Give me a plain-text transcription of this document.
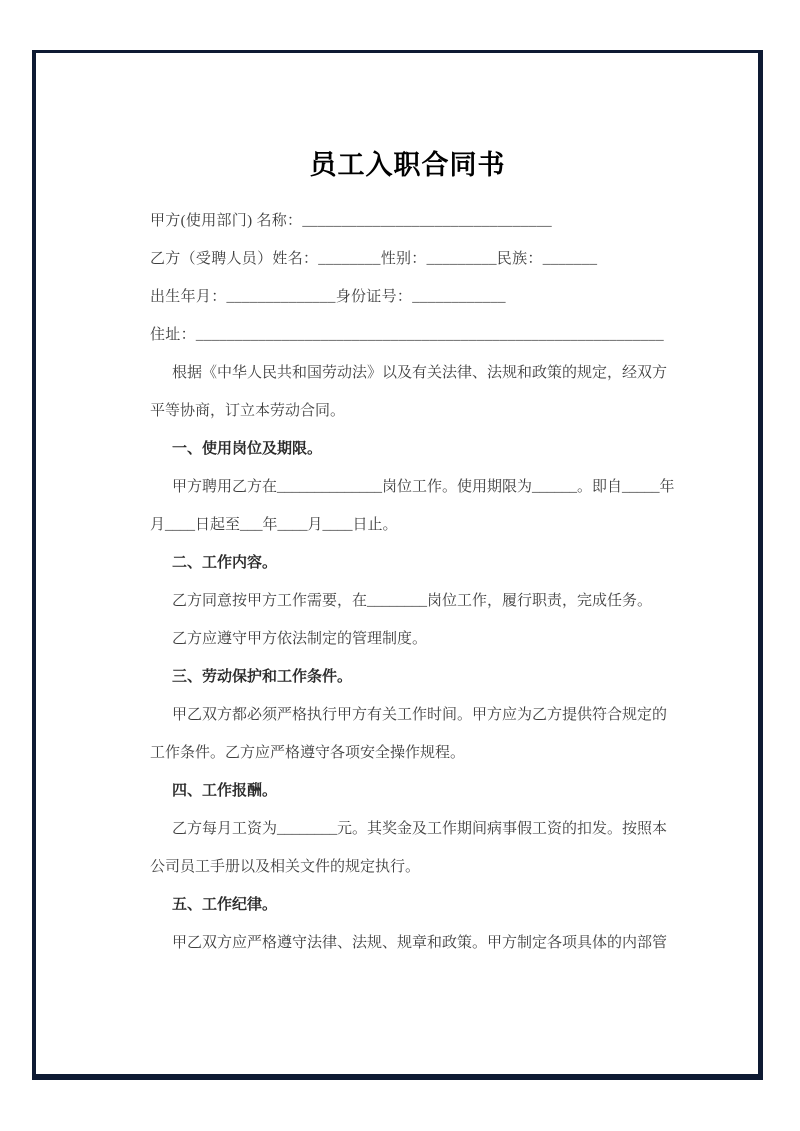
员工入职合同书
甲方(使用部门) 名称：________________________________
乙方（受聘人员）姓名：________性别：_________民族：_______
出生年月：______________身份证号：____________
住址：____________________________________________________________
根据《中华人民共和国劳动法》以及有关法律、法规和政策的规定，经双方
平等协商，订立本劳动合同。
一、使用岗位及期限。
甲方聘用乙方在______________岗位工作。使用期限为______。即自_____年
月____日起至___年____月____日止。
二、工作内容。
乙方同意按甲方工作需要，在________岗位工作，履行职责，完成任务。
乙方应遵守甲方依法制定的管理制度。
三、劳动保护和工作条件。
甲乙双方都必须严格执行甲方有关工作时间。甲方应为乙方提供符合规定的
工作条件。乙方应严格遵守各项安全操作规程。
四、工作报酬。
乙方每月工资为________元。其奖金及工作期间病事假工资的扣发。按照本
公司员工手册以及相关文件的规定执行。
五、工作纪律。
甲乙双方应严格遵守法律、法规、规章和政策。甲方制定各项具体的内部管
